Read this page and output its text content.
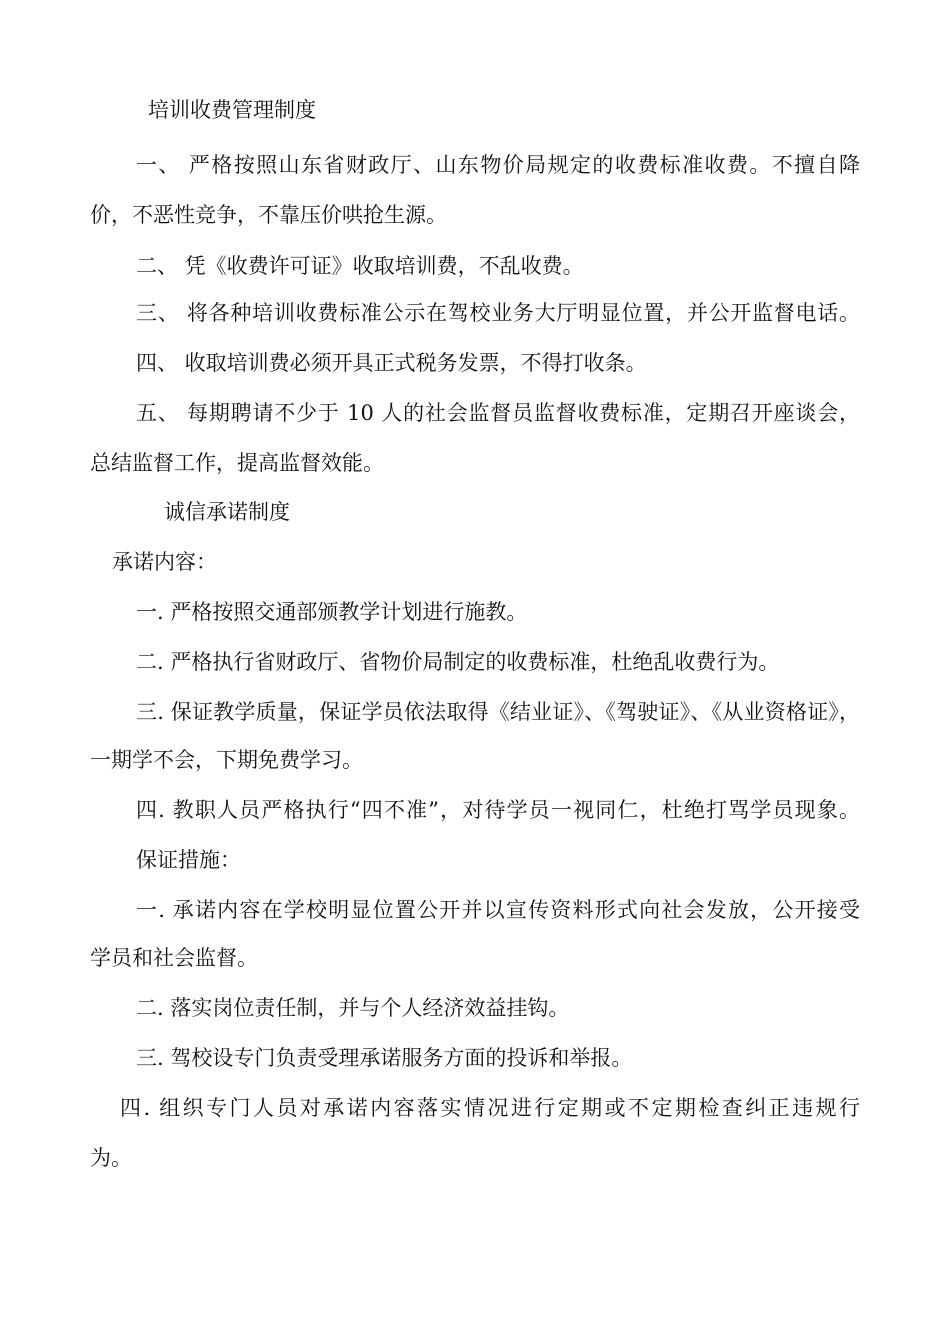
培训收费管理制度
一、 严格按照山东省财政厅、山东物价局规定的收费标准收费。不擅自降
价，不恶性竞争，不靠压价哄抢生源。
二、 凭《收费许可证》收取培训费，不乱收费。
三、 将各种培训收费标准公示在驾校业务大厅明显位置，并公开监督电话。
四、 收取培训费必须开具正式税务发票，不得打收条。
五、 每期聘请不少于 10 人的社会监督员监督收费标准，定期召开座谈会，
总结监督工作，提高监督效能。
诚信承诺制度
承诺内容：
一. 严格按照交通部颁教学计划进行施教。
二. 严格执行省财政厅、省物价局制定的收费标准，杜绝乱收费行为。
三. 保证教学质量，保证学员依法取得《结业证》、《驾驶证》、《从业资格证》，
一期学不会，下期免费学习。
四. 教职人员严格执行“四不准”，对待学员一视同仁，杜绝打骂学员现象。
保证措施：
一. 承诺内容在学校明显位置公开并以宣传资料形式向社会发放，公开接受
学员和社会监督。
二. 落实岗位责任制，并与个人经济效益挂钩。
三. 驾校设专门负责受理承诺服务方面的投诉和举报。
四. 组织专门人员对承诺内容落实情况进行定期或不定期检查纠正违规行
为。
